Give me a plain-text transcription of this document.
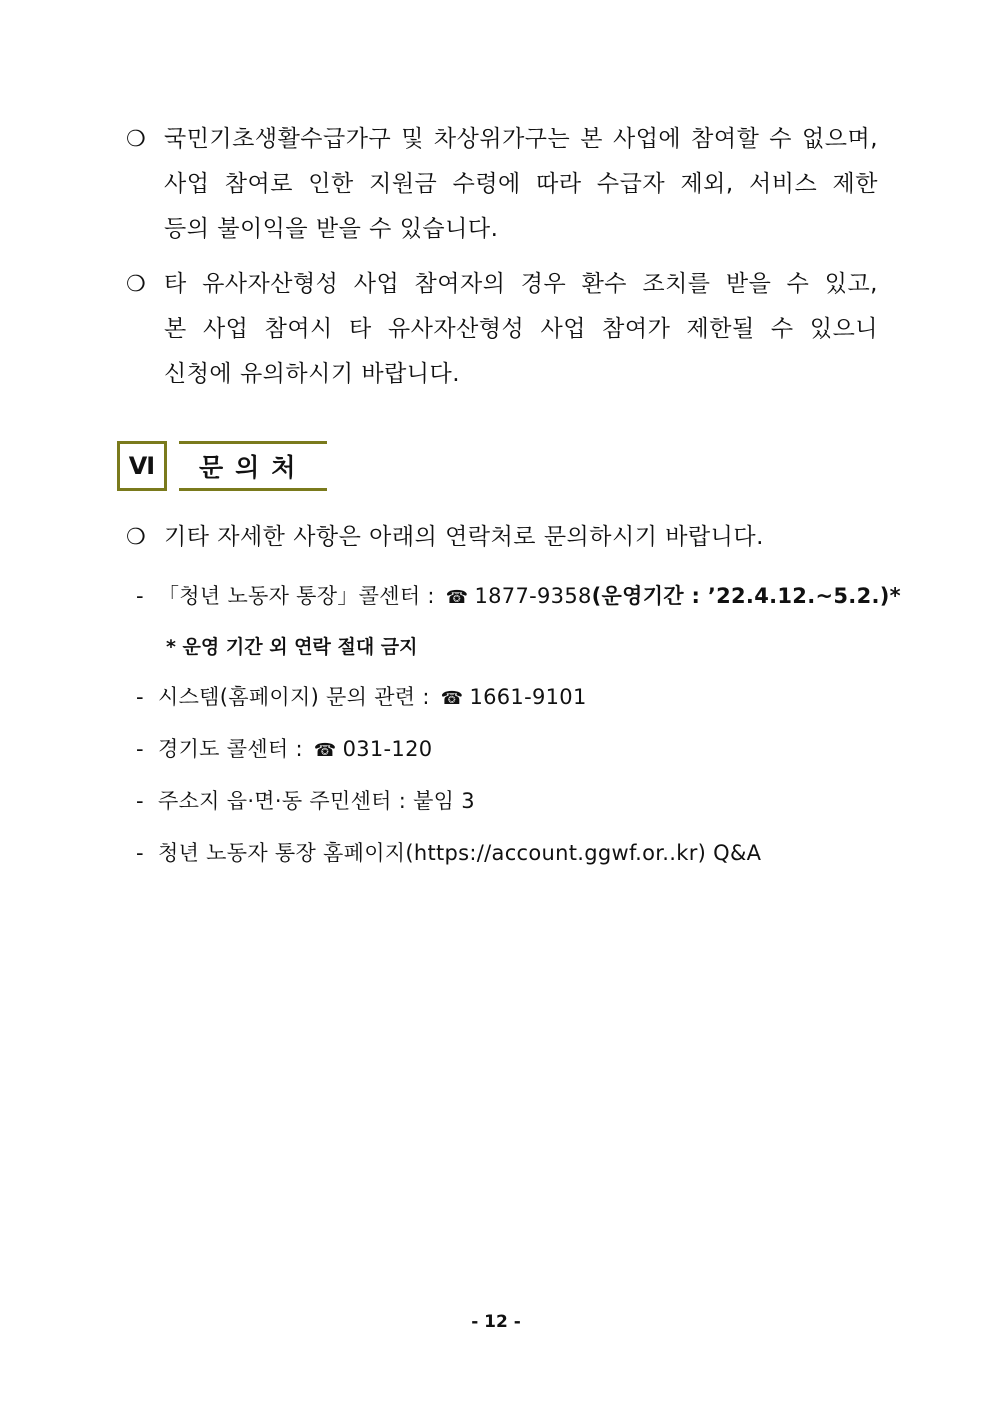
❍ 국민기초생활수급가구 및 차상위가구는 본 사업에 참여할 수 없으며,
사업 참여로 인한 지원금 수령에 따라 수급자 제외, 서비스 제한
등의 불이익을 받을 수 있습니다.
❍ 타 유사자산형성 사업 참여자의 경우 환수 조치를 받을 수 있고,
본 사업 참여시 타 유사자산형성 사업 참여가 제한될 수 있으니
신청에 유의하시기 바랍니다.
Ⅵ	문의처
❍ 기타 자세한 사항은 아래의 연락처로 문의하시기 바랍니다.
- 「청년 노동자 통장」콜센터 : ☎ 1877-9358(운영기간 : ’22.4.12.~5.2.)*
* 운영 기간 외 연락 절대 금지
- 시스템(홈페이지) 문의 관련 : ☎ 1661-9101
- 경기도 콜센터 : ☎ 031-120
- 주소지 읍·면·동 주민센터 : 붙임 3
- 청년 노동자 통장 홈페이지(https://account.ggwf.or..kr) Q&A
- 12 -
